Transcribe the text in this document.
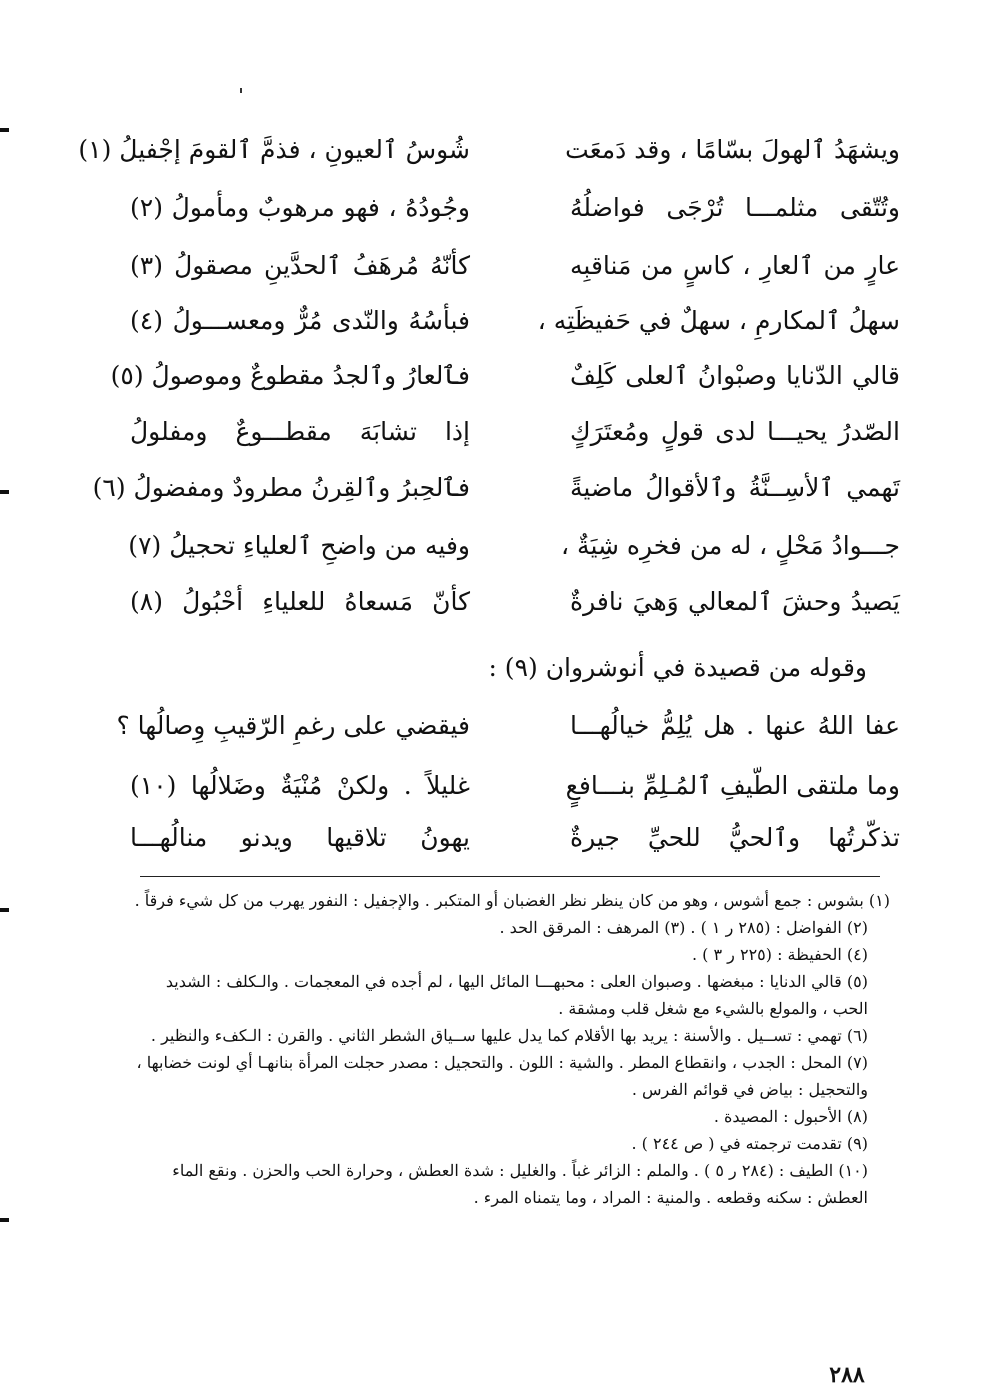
ويشهَدُ ٱلهولَ بسّامًا ، وقد دَمعَت
شُوسُ ٱلعيونِ ، فذمَّ ٱلقومَ إجْفيلُ (١)
وتُتّقى مثلمـــا تُرْجَى فواضلُهُ
وجُودُهُ ، فهو مرهوبٌ ومأمولُ (٢)
عارٍ من ٱلعارِ ، كاسٍ من مَناقبِه
كأنّهُ مُرهَفُ ٱلحدَّينِ مصقولُ (٣)
سهلُ ٱلمكارمِ ، سهلٌ في حَفيظَتِه ،
فبأسُهُ والنّدى مُرٌّ ومعســـولُ (٤)
قالي الدّنايا وصبْوانُ ٱلعلى كَلِفٌ
فٱلعارُ وٱلجدُ مقطوعٌ وموصولُ (٥)
الصّدرُ يحيـــا لدى قولٍ ومُعتَرَكٍ
إذا تشابَهَ مقطـــوعٌ ومفلولُ
تَهمي ٱلأسِــنَّةُ وٱلأقوالُ ماضيةً
فٱلحِبرُ وٱلقِرنُ مطرودٌ ومفضولُ (٦)
جـــوادُ مَحْلٍ ، له من فخرِه شِيَةٌ ،
وفيه من واضحِ ٱلعلياءِ تحجيلُ (٧)
يَصيدُ وحشَ ٱلمعالي وَهيَ نافرةٌ
كأنّ مَسعاهُ للعلياءِ أحْبُولُ (٨)
وقوله من قصيدة في أنوشروان (٩) :
عفا اللهُ عنها . هل يُلِمُّ خيالُهـــا
فيقضي على رغمِ الرّقيبِ وِصالُها ؟
وما ملتقى الطّيفِ ٱلمُـلِمِّ بنـــافعٍ
غليلاً . ولكنْ مُنْيَةٌ وضَلالُها (١٠)
تذكّرتُها وٱلحيُّ للحيِّ جيرةٌ
يهونُ تلاقيها ويدنو منالُهـــا
(١) بشوس : جمع أشوس ، وهو من كان ينظر نظر الغضبان أو المتكبر . والإجفيل : النفور يهرب من كل شيء فرقاً .
(٢) الفواضل : (٢٨٥ ر ١ ) . (٣) المرهف : المرقق الحد .
(٤) الحفيظة : (٢٢٥ ر ٣ ) .
(٥) قالي الدنايا : مبغضها . وصبوان العلى : محبهـــا المائل اليها ، لم أجده في المعجمات . والـكلف : الشديد الحب ، والمولع بالشيء مع شغل قلب ومشقة .
(٦) تهمي : تســيل . والأسنة : يريد بها الأقلام كما يدل عليها ســياق الشطر الثاني . والقرن : الـكفء والنظير .
(٧) المحل : الجدب ، وانقطاع المطر . والشية : اللون . والتحجيل : مصدر حجلت المرأة بنانهـا أي لونت خضابها ، والتحجيل : بياض في قوائم الفرس .
(٨) الأحبول : المصيدة .
(٩) تقدمت ترجمته في ( ص ٢٤٤ ) .
(١٠) الطيف : (٢٨٤ ر ٥ ) . والملم : الزائر غباً . والغليل : شدة العطش ، وحرارة الحب والحزن . ونقع الماء العطش : سكنه وقطعه . والمنية : المراد ، وما يتمناه المرء .
٢٨٨
